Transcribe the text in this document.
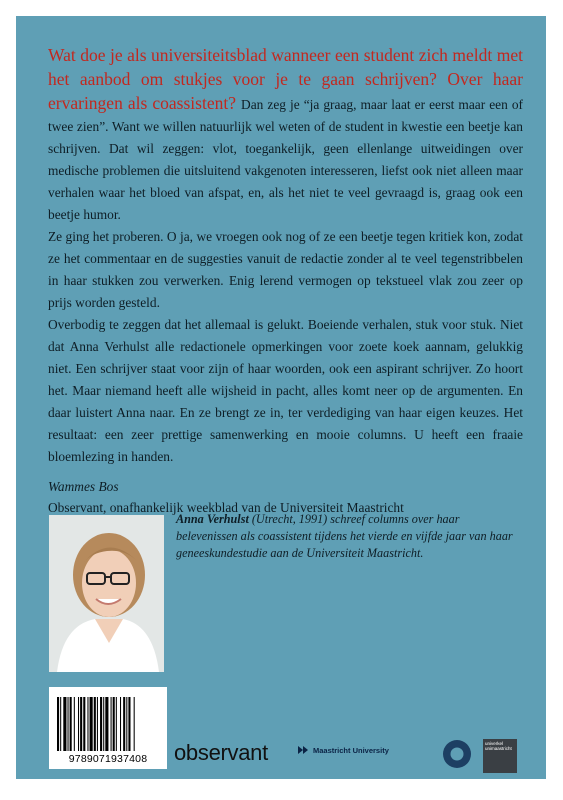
Wat doe je als universiteitsblad wanneer een student zich meldt met het aanbod om stukjes voor je te gaan schrijven? Over haar ervaringen als coassistent? Dan zeg je “ja graag, maar laat er eerst maar een of twee zien”. Want we willen natuurlijk wel weten of de student in kwestie een beetje kan schrijven. Dat wil zeggen: vlot, toegankelijk, geen ellenlange uitweidingen over medische problemen die uitsluitend vakgenoten interesseren, liefst ook niet alleen maar verhalen waar het bloed van afspat, en, als het niet te veel gevraagd is, graag ook een beetje humor.

Ze ging het proberen. O ja, we vroegen ook nog of ze een beetje tegen kritiek kon, zodat ze het commentaar en de suggesties vanuit de redactie zonder al te veel tegenstribbelen in haar stukken zou verwerken. Enig lerend vermogen op tekstueel vlak zou zeer op prijs worden gesteld.

Overbodig te zeggen dat het allemaal is gelukt. Boeiende verhalen, stuk voor stuk. Niet dat Anna Verhulst alle redactionele opmerkingen voor zoete koek aannam, gelukkig niet. Een schrijver staat voor zijn of haar woorden, ook een aspirant schrijver. Zo hoort het. Maar niemand heeft alle wijsheid in pacht, alles komt neer op de argumenten. En daar luistert Anna naar. En ze brengt ze in, ter verdediging van haar eigen keuzes. Het resultaat: een zeer prettige samenwerking en mooie columns. U heeft een fraaie bloemlezing in handen.

Wammes Bos
Observant, onafhankelijk weekblad van de Universiteit Maastricht
Anna Verhulst (Utrecht, 1991) schreef columns over haar belevenissen als coassistent tijdens het vierde en vijfde jaar van haar geneeskundestudie aan de Universiteit Maastricht.
9789071937408	observant	Maastricht University
univerkel
unimaastricht
